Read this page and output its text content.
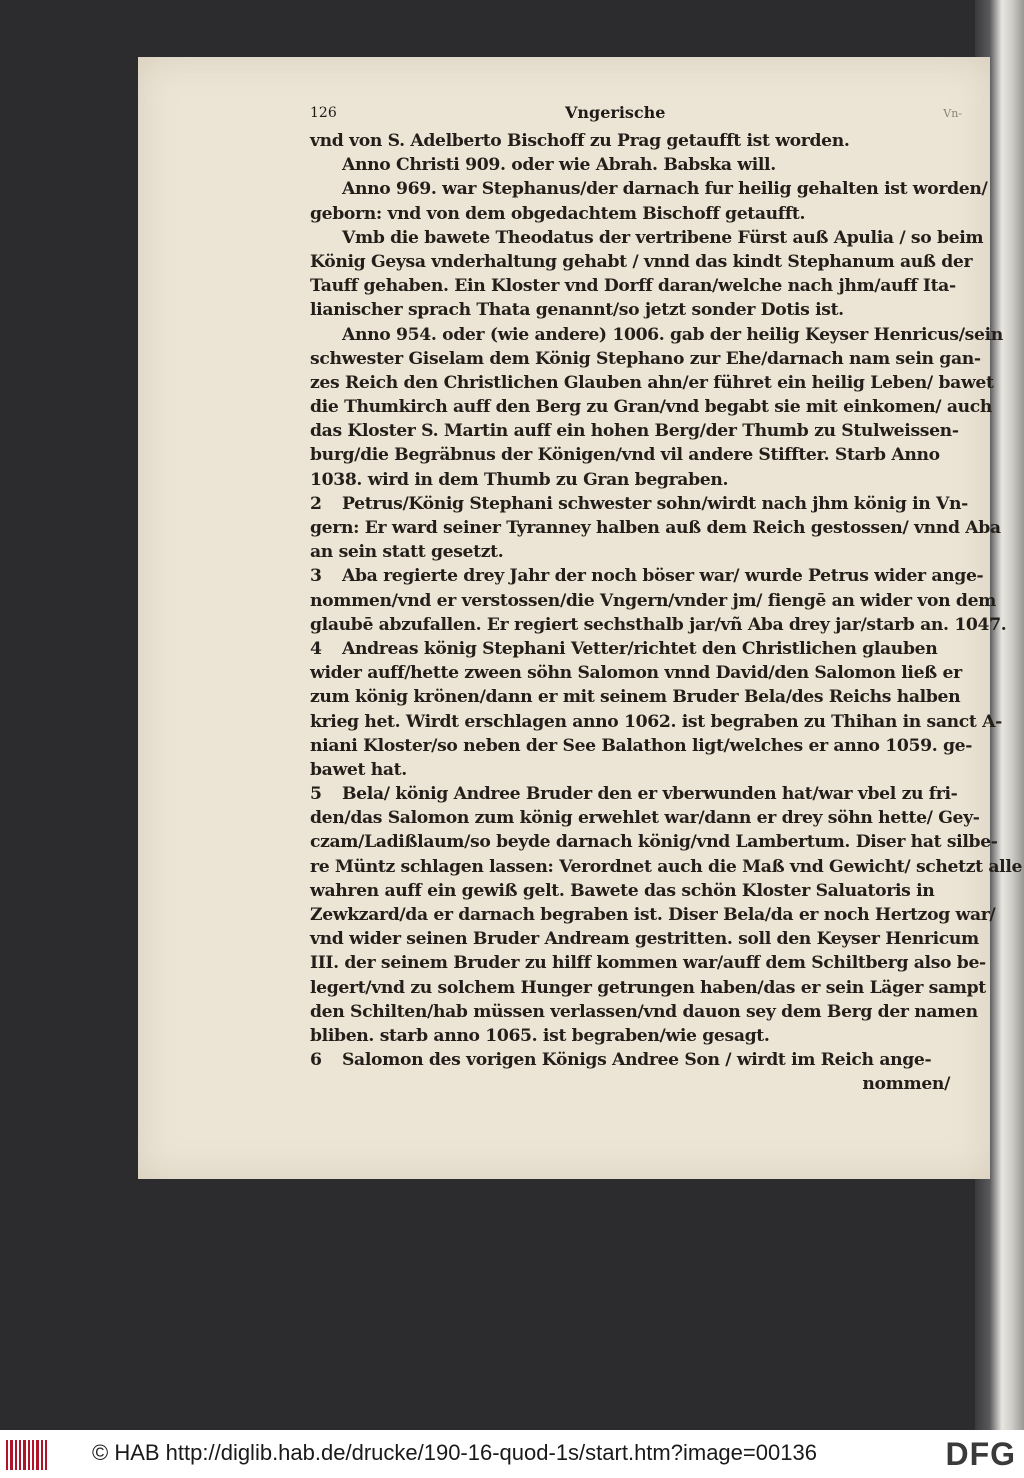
126	Vngerische	Vn-
vnd von S. Adelberto Bischoff zu Prag getaufft ist worden.
Anno Christi 909. oder wie Abrah. Babska will.
Anno 969. war Stephanus/der darnach fur heilig gehalten ist worden/
geborn: vnd von dem obgedachtem Bischoff getaufft.
Vmb die bawete Theodatus der vertribene Fürst auß Apulia / so beim
König Geysa vnderhaltung gehabt / vnnd das kindt Stephanum auß der
Tauff gehaben. Ein Kloster vnd Dorff daran/welche nach jhm/auff Ita-
lianischer sprach Thata genannt/so jetzt sonder Dotis ist.
Anno 954. oder (wie andere) 1006. gab der heilig Keyser Henricus/sein
schwester Giselam dem König Stephano zur Ehe/darnach nam sein gan-
zes Reich den Christlichen Glauben ahn/er führet ein heilig Leben/ bawet
die Thumkirch auff den Berg zu Gran/vnd begabt sie mit einkomen/ auch
das Kloster S. Martin auff ein hohen Berg/der Thumb zu Stulweissen-
burg/die Begräbnus der Königen/vnd vil andere Stiffter. Starb Anno
1038. wird in dem Thumb zu Gran begraben.
2 Petrus/König Stephani schwester sohn/wirdt nach jhm könig in Vn-
gern: Er ward seiner Tyranney halben auß dem Reich gestossen/ vnnd Aba
an sein statt gesetzt.
3 Aba regierte drey Jahr der noch böser war/ wurde Petrus wider ange-
nommen/vnd er verstossen/die Vngern/vnder jm/ fiengē an wider von dem
glaubē abzufallen. Er regiert sechsthalb jar/vñ Aba drey jar/starb an. 1047.
4 Andreas könig Stephani Vetter/richtet den Christlichen glauben
wider auff/hette zween söhn Salomon vnnd David/den Salomon ließ er
zum könig krönen/dann er mit seinem Bruder Bela/des Reichs halben
krieg het. Wirdt erschlagen anno 1062. ist begraben zu Thihan in sanct A-
niani Kloster/so neben der See Balathon ligt/welches er anno 1059. ge-
bawet hat.
5 Bela/ könig Andree Bruder den er vberwunden hat/war vbel zu fri-
den/das Salomon zum könig erwehlet war/dann er drey söhn hette/ Gey-
czam/Ladißlaum/so beyde darnach könig/vnd Lambertum. Diser hat silbe-
re Müntz schlagen lassen: Verordnet auch die Maß vnd Gewicht/ schetzt alle
wahren auff ein gewiß gelt. Bawete das schön Kloster Saluatoris in
Zewkzard/da er darnach begraben ist. Diser Bela/da er noch Hertzog war/
vnd wider seinen Bruder Andream gestritten. soll den Keyser Henricum
III. der seinem Bruder zu hilff kommen war/auff dem Schiltberg also be-
legert/vnd zu solchem Hunger getrungen haben/das er sein Läger sampt
den Schilten/hab müssen verlassen/vnd dauon sey dem Berg der namen
bliben. starb anno 1065. ist begraben/wie gesagt.
6 Salomon des vorigen Königs Andree Son / wirdt im Reich ange-
nommen/
© HAB http://diglib.hab.de/drucke/190-16-quod-1s/start.htm?image=00136	DFG
